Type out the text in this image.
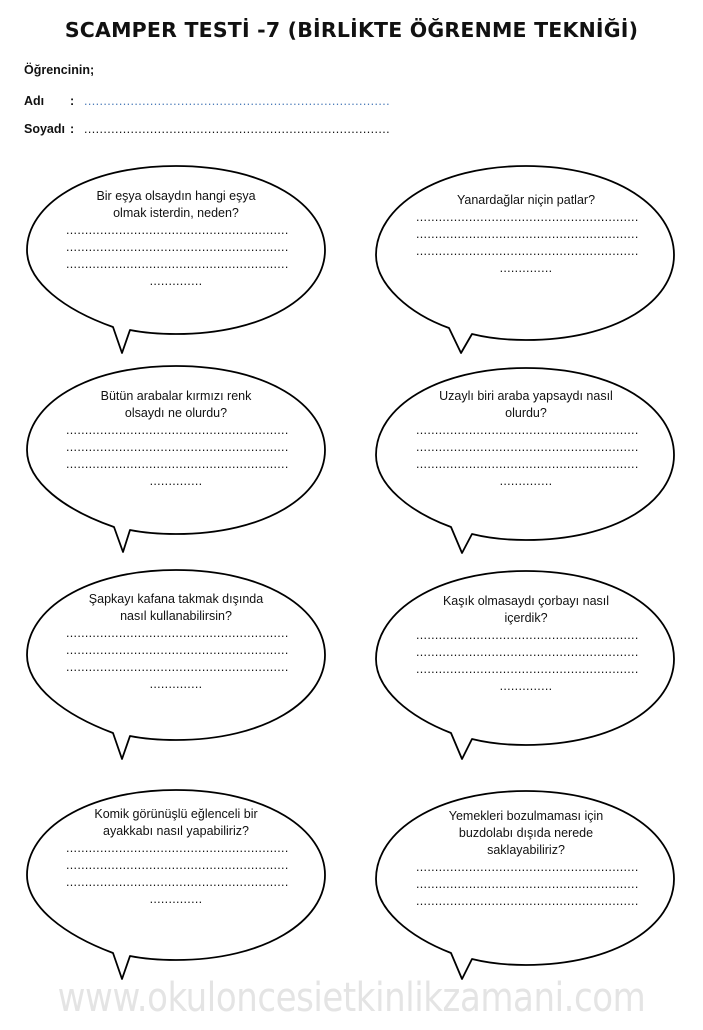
SCAMPER TESTİ -7 (BİRLİKTE ÖĞRENME TEKNİĞİ)
Öğrencinin;
Adı : ...............................................................................
Soyadı : ...............................................................................
Bir eşya olsaydın hangi eşya
olmak isterdin, neden?
...........................................................
...........................................................
...........................................................
..............
Yanardağlar niçin patlar?
...........................................................
...........................................................
...........................................................
..............
Bütün arabalar kırmızı renk
olsaydı ne olurdu?
...........................................................
...........................................................
...........................................................
..............
Uzaylı biri araba yapsaydı nasıl
olurdu?
...........................................................
...........................................................
...........................................................
..............
Şapkayı kafana takmak dışında
nasıl kullanabilirsin?
...........................................................
...........................................................
...........................................................
..............
Kaşık olmasaydı çorbayı nasıl
içerdik?
...........................................................
...........................................................
...........................................................
..............
Komik görünüşlü eğlenceli bir
ayakkabı nasıl yapabiliriz?
...........................................................
...........................................................
...........................................................
..............
Yemekleri bozulmaması için
buzdolabı dışıda nerede
saklayabiliriz?
...........................................................
...........................................................
...........................................................
www.okuloncesietkinlikzamani.com
